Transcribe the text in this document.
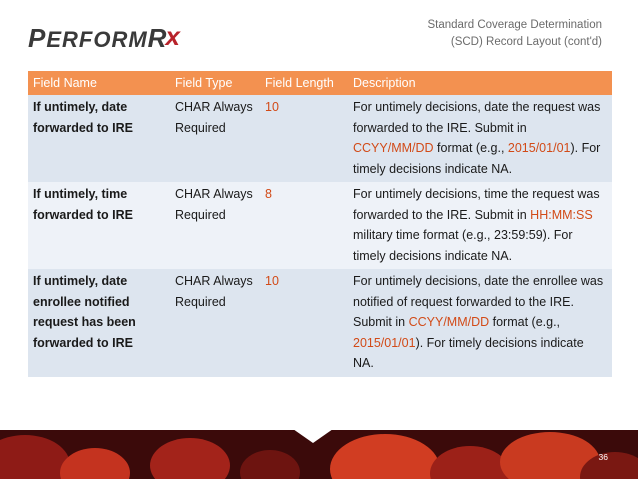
PERFORMR
x	Standard Coverage Determination
(SCD) Record Layout (cont'd)
Field Name	Field Type	Field Length	Description
If untimely, date forwarded to IRE	CHAR Always Required	10	For untimely decisions, date the request was forwarded to the IRE. Submit in CCYY/MM/DD format (e.g., 2015/01/01). For timely decisions indicate NA.
If untimely, time forwarded to IRE	CHAR Always Required	8	For untimely decisions, time the request was forwarded to the IRE. Submit in HH:MM:SS military time format (e.g., 23:59:59). For timely decisions indicate NA.
If untimely, date enrollee notified request has been forwarded to IRE	CHAR Always Required	10	For untimely decisions, date the enrollee was notified of request forwarded to the IRE. Submit in CCYY/MM/DD format (e.g., 2015/01/01). For timely decisions indicate NA.
36
